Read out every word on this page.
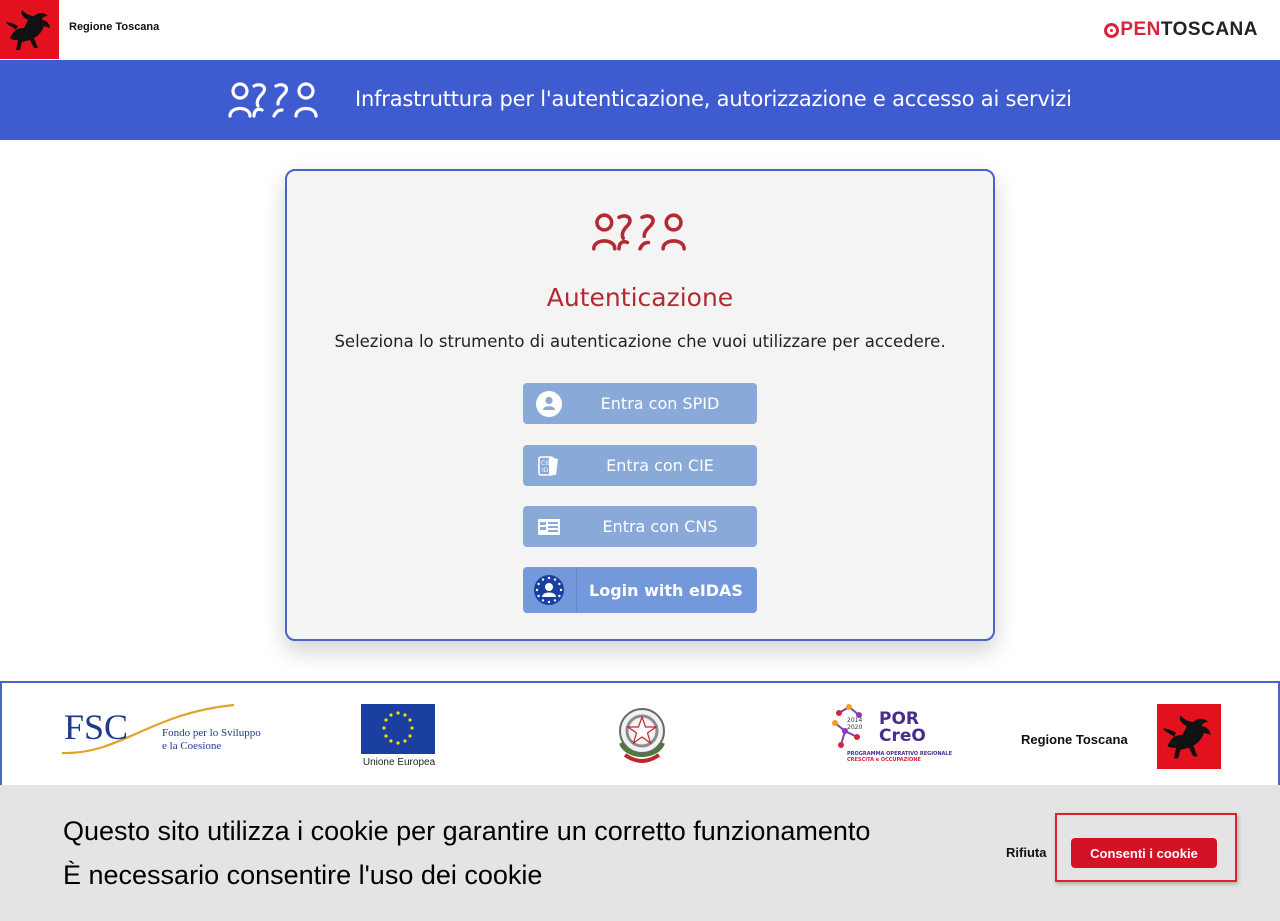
Regione Toscana	PEN TOSCANA
Infrastruttura per l'autenticazione, autorizzazione e accesso ai servizi
Autenticazione
Seleziona lo strumento di autenticazione che vuoi utilizzare per accedere.
Entra con SPID
CIE
ID	Entra con CIE
Entra con CNS
Login with eIDAS
FSC	Fondo per lo Sviluppo
e la Coesione
Unione Europea
2014
2020 POR
CreO
PROGRAMMA OPERATIVO REGIONALE
CRESCITA e OCCUPAZIONE
Regione Toscana
Questo sito utilizza i cookie per garantire un corretto funzionamento
È necessario consentire l'uso dei cookie
Rifiuta	Consenti i cookie
